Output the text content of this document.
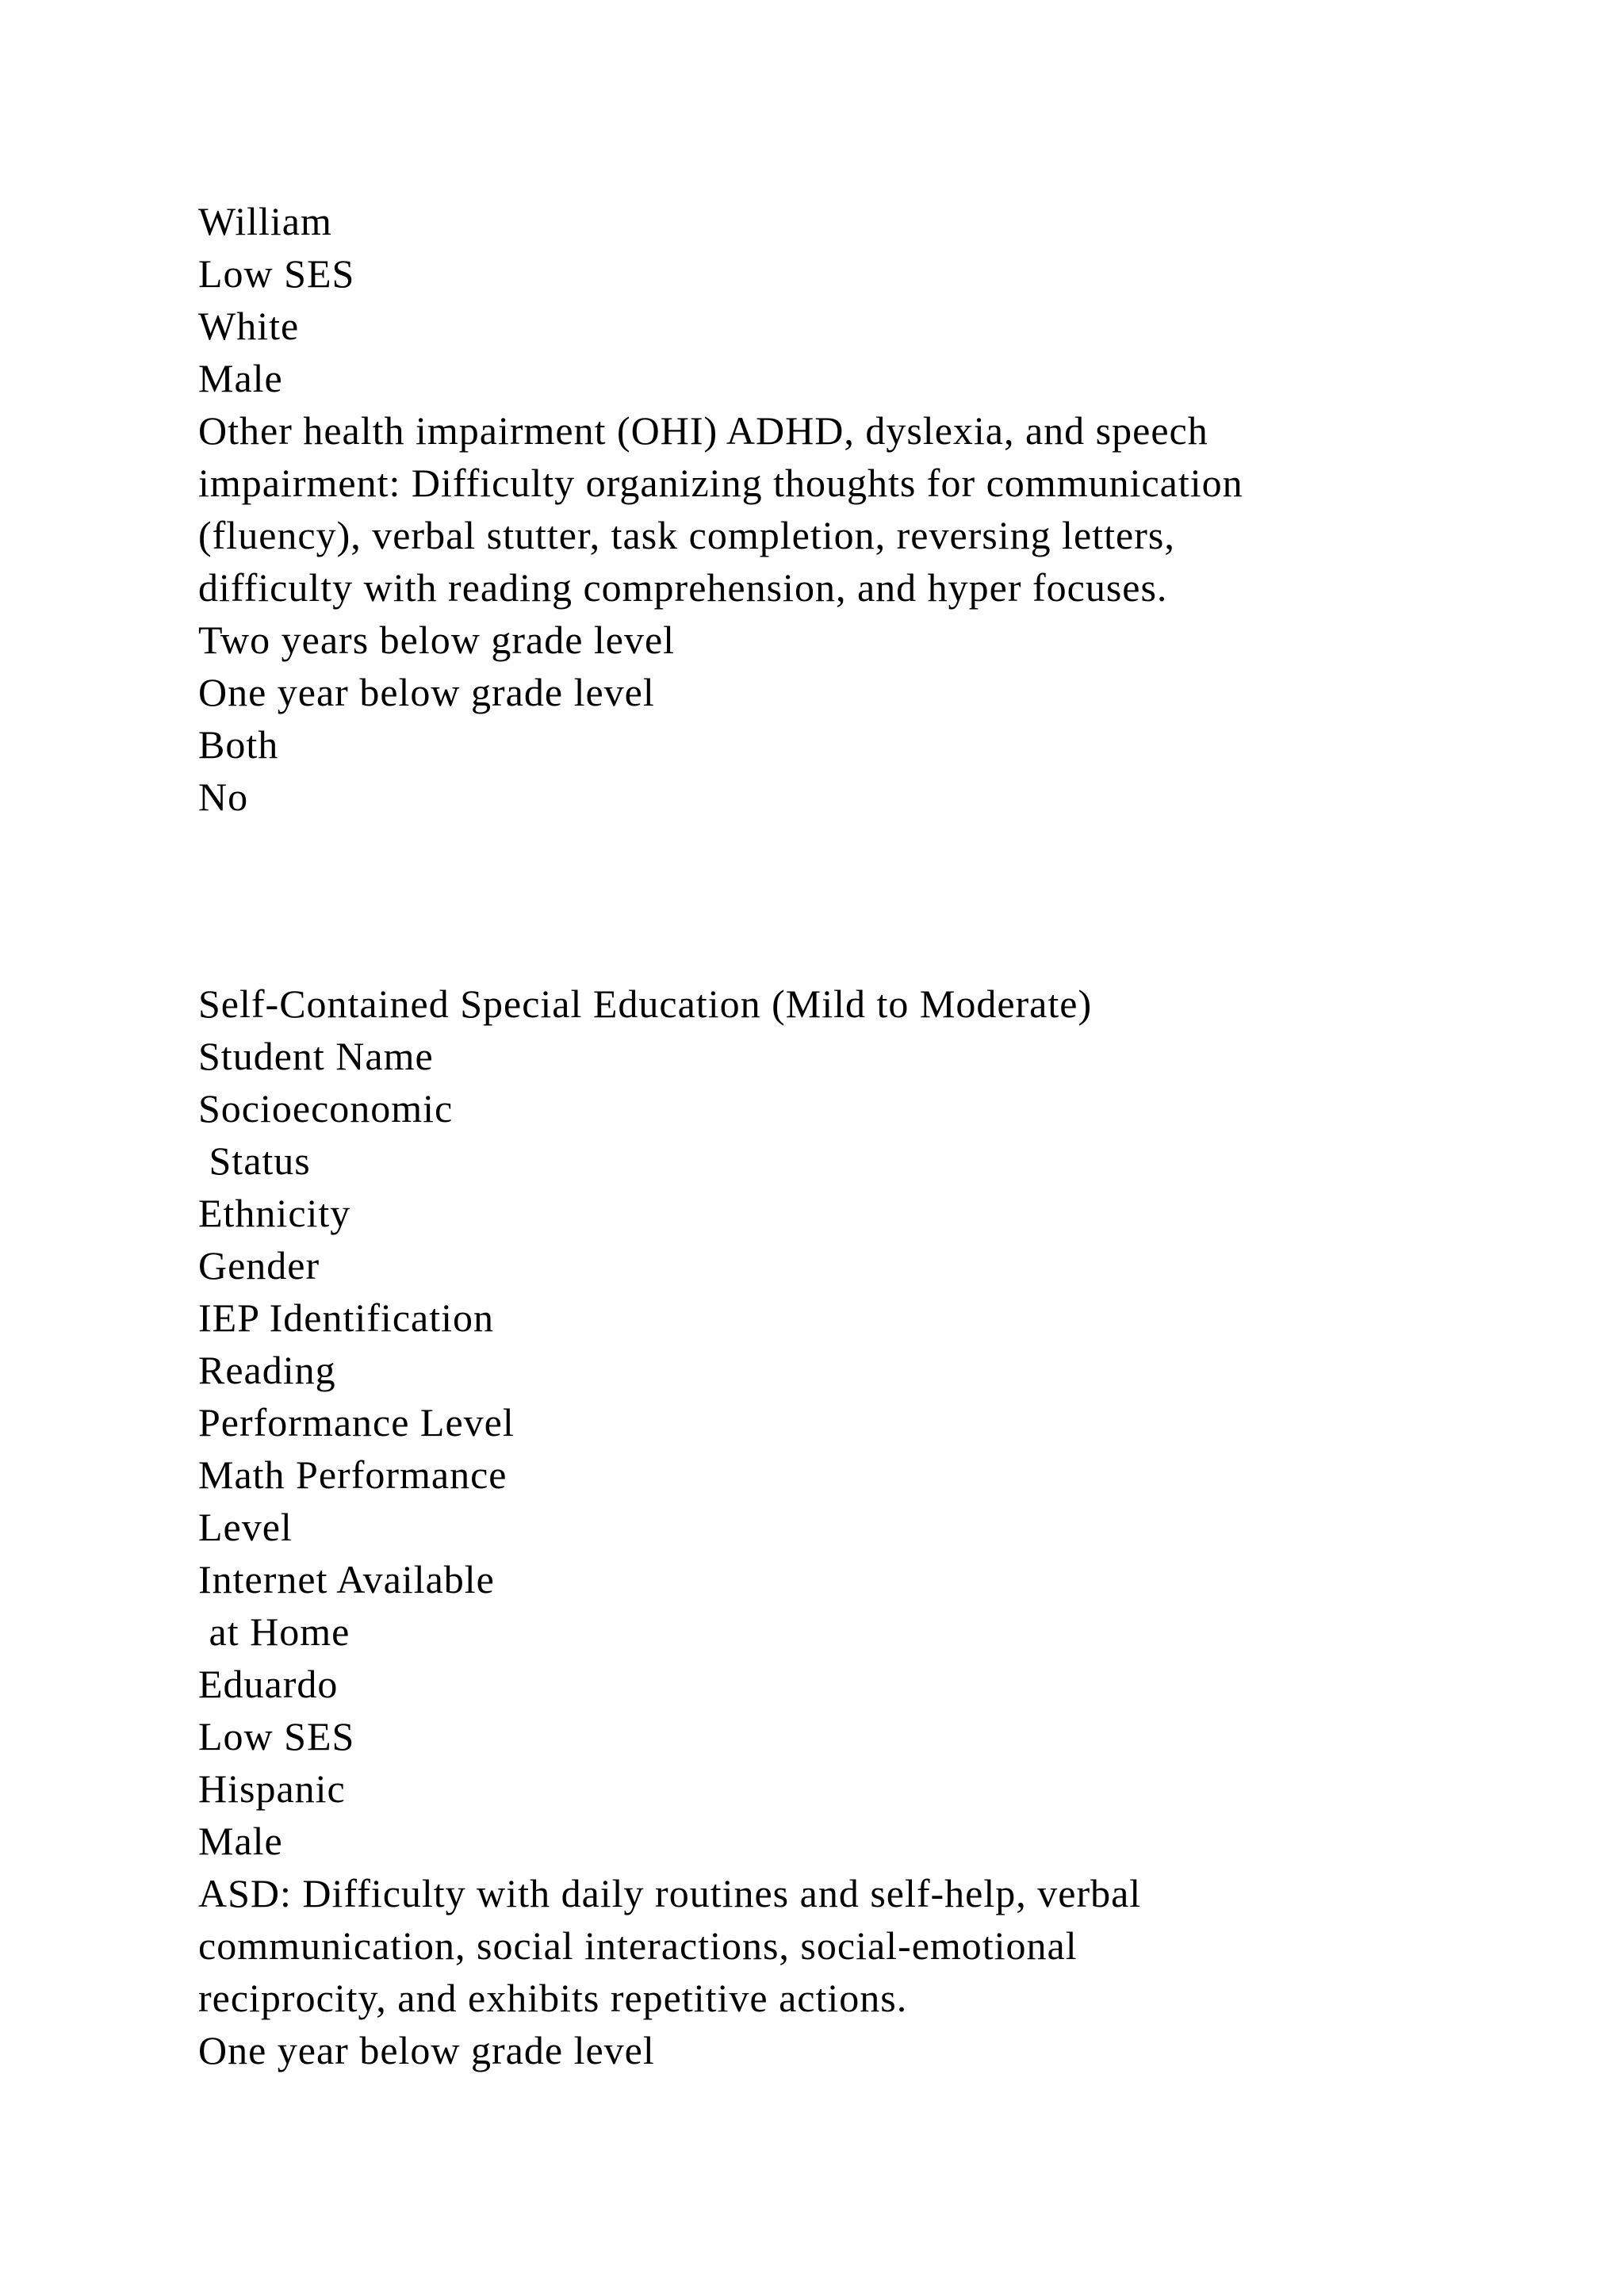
William
Low SES
White
Male
Other health impairment (OHI) ADHD, dyslexia, and speech
impairment: Difficulty organizing thoughts for communication
(fluency), verbal stutter, task completion, reversing letters,
difficulty with reading comprehension, and hyper focuses.
Two years below grade level
One year below grade level
Both
No
Self-Contained Special Education (Mild to Moderate)
Student Name
Socioeconomic
Status
Ethnicity
Gender
IEP Identification
Reading
Performance Level
Math Performance
Level
Internet Available
at Home
Eduardo
Low SES
Hispanic
Male
ASD: Difficulty with daily routines and self-help, verbal
communication, social interactions, social-emotional
reciprocity, and exhibits repetitive actions.
One year below grade level
